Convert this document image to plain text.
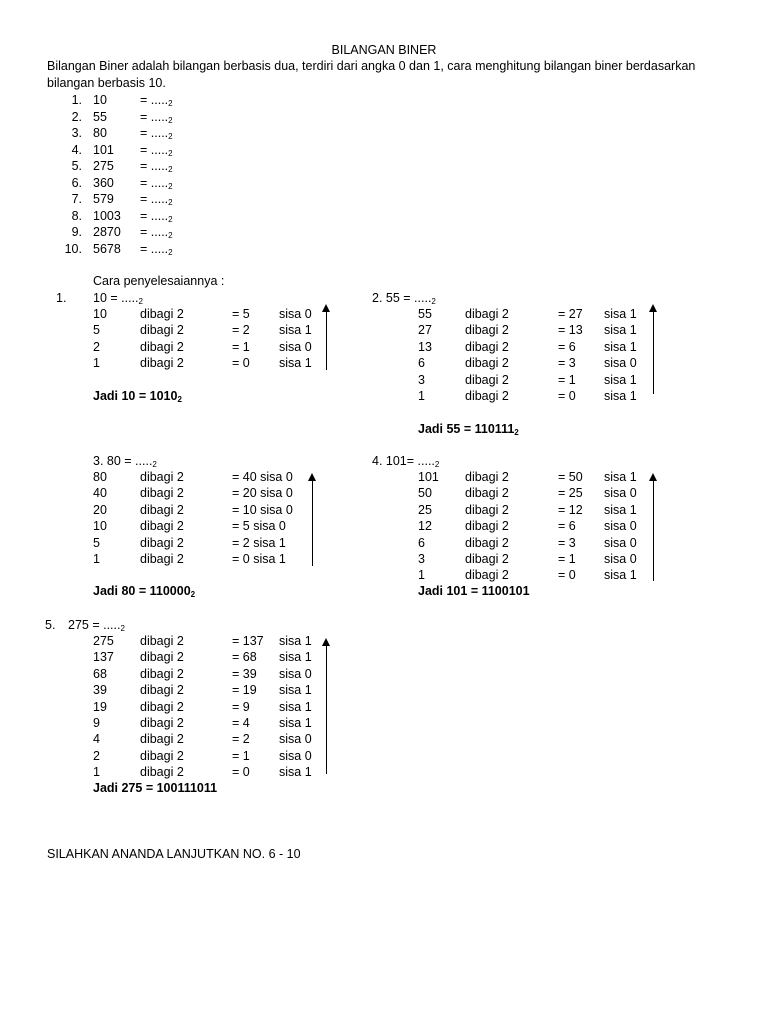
BILANGAN BINER
Bilangan Biner adalah bilangan berbasis dua, terdiri dari angka 0 dan 1, cara menghitung bilangan biner berdasarkan bilangan berbasis 10.
1. 10	= $....._2$
2. 55	= $....._2$
3. 80	= $....._2$
4. $101 = ....._2$
5. $275 = ....._2$
6. $360 = ....._2$
7. $579 = ....._2$
8. $1003 = ....._2$
9. $2870 = ....._2$
10. $5678 = ....._2$
Cara penyelesaiannya :
1. $10 = ....._2$
10	dibagi 2	= 5 sisa 0
5	dibagi 2	= 2 sisa 1
2	dibagi 2	= 1 sisa 0
1	dibagi 2	= 0 sisa 1
Jadi $10 = 1010_2$
2. $55 = ....._2$
55	dibagi 2	= 27 sisa 1
27	dibagi 2	= 13 sisa 1
13	dibagi 2	= 6 sisa 1
6	dibagi 2	= 3 sisa 0
3	dibagi 2	= 1 sisa 1
1	dibagi 2	= 0 sisa 1
Jadi $55 = 110111_2$
3. $80 = ....._2$
80	dibagi 2	= 40 sisa 0
40	dibagi 2	= 20 sisa 0
20	dibagi 2	= 10 sisa 0
10	dibagi 2	= 5 sisa 0
5	dibagi 2	= 2 sisa 1
1	dibagi 2	= 0 sisa 1
Jadi $80 = 110000_2$
4. $101= ....._2$
101 dibagi 2	= 50 sisa 1
50	dibagi 2	= 25 sisa 0
25	dibagi 2	= 12 sisa 1
12	dibagi 2	= 6 sisa 0
6	dibagi 2	= 3 sisa 0
3	dibagi 2	= 1 sisa 0
1	dibagi 2	= 0 sisa 1
Jadi 101 = 1100101
5. $275 = ....._2$
275 dibagi 2	= 137 sisa 1
137 dibagi 2	= 68 sisa 1
68	dibagi 2	= 39 sisa 0
39	dibagi 2	= 19 sisa 1
19	dibagi 2	= 9 sisa 1
9	dibagi 2	= 4 sisa 1
4	dibagi 2	= 2 sisa 0
2	dibagi 2	= 1 sisa 0
1	dibagi 2	= 0 sisa 1
Jadi 275 = 100111011
SILAHKAN ANANDA LANJUTKAN NO. 6 - 10
